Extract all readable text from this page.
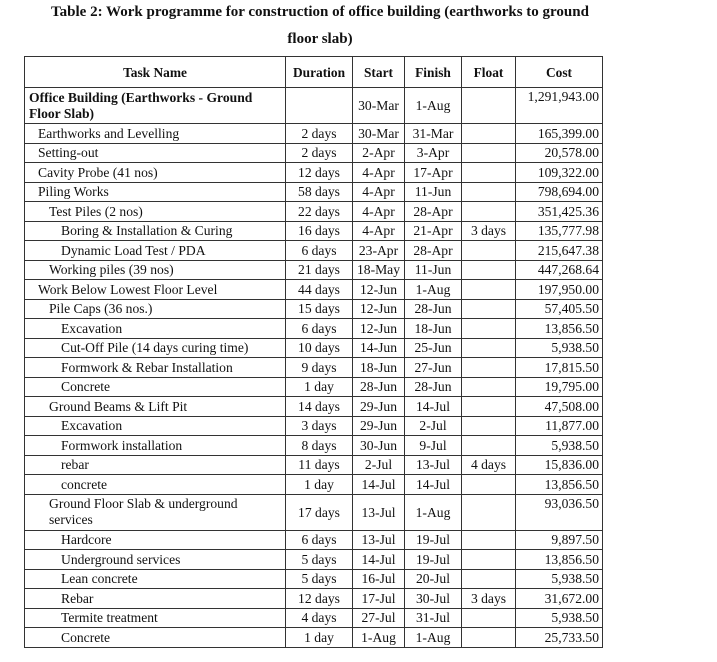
Table 2: Work programme for construction of office building (earthworks to ground
floor slab)
Task Name	Duration	Start	Finish	Float	Cost
Office Building (Earthworks - Ground Floor Slab)		30-Mar	1-Aug		1,291,943.00
Earthworks and Levelling	2 days	30-Mar	31-Mar		165,399.00
Setting-out	2 days	2-Apr	3-Apr		20,578.00
Cavity Probe (41 nos)	12 days	4-Apr	17-Apr		109,322.00
Piling Works	58 days	4-Apr	11-Jun		798,694.00
Test Piles (2 nos)	22 days	4-Apr	28-Apr		351,425.36
Boring & Installation & Curing	16 days	4-Apr	21-Apr	3 days	135,777.98
Dynamic Load Test / PDA	6 days	23-Apr	28-Apr		215,647.38
Working piles (39 nos)	21 days	18-May	11-Jun		447,268.64
Work Below Lowest Floor Level	44 days	12-Jun	1-Aug		197,950.00
Pile Caps (36 nos.)	15 days	12-Jun	28-Jun		57,405.50
Excavation	6 days	12-Jun	18-Jun		13,856.50
Cut-Off Pile (14 days curing time)	10 days	14-Jun	25-Jun		5,938.50
Formwork & Rebar Installation	9 days	18-Jun	27-Jun		17,815.50
Concrete	1 day	28-Jun	28-Jun		19,795.00
Ground Beams & Lift Pit	14 days	29-Jun	14-Jul		47,508.00
Excavation	3 days	29-Jun	2-Jul		11,877.00
Formwork installation	8 days	30-Jun	9-Jul		5,938.50
rebar	11 days	2-Jul	13-Jul	4 days	15,836.00
concrete	1 day	14-Jul	14-Jul		13,856.50
Ground Floor Slab & underground services	17 days	13-Jul	1-Aug		93,036.50
Hardcore	6 days	13-Jul	19-Jul		9,897.50
Underground services	5 days	14-Jul	19-Jul		13,856.50
Lean concrete	5 days	16-Jul	20-Jul		5,938.50
Rebar	12 days	17-Jul	30-Jul	3 days	31,672.00
Termite treatment	4 days	27-Jul	31-Jul		5,938.50
Concrete	1 day	1-Aug	1-Aug		25,733.50
